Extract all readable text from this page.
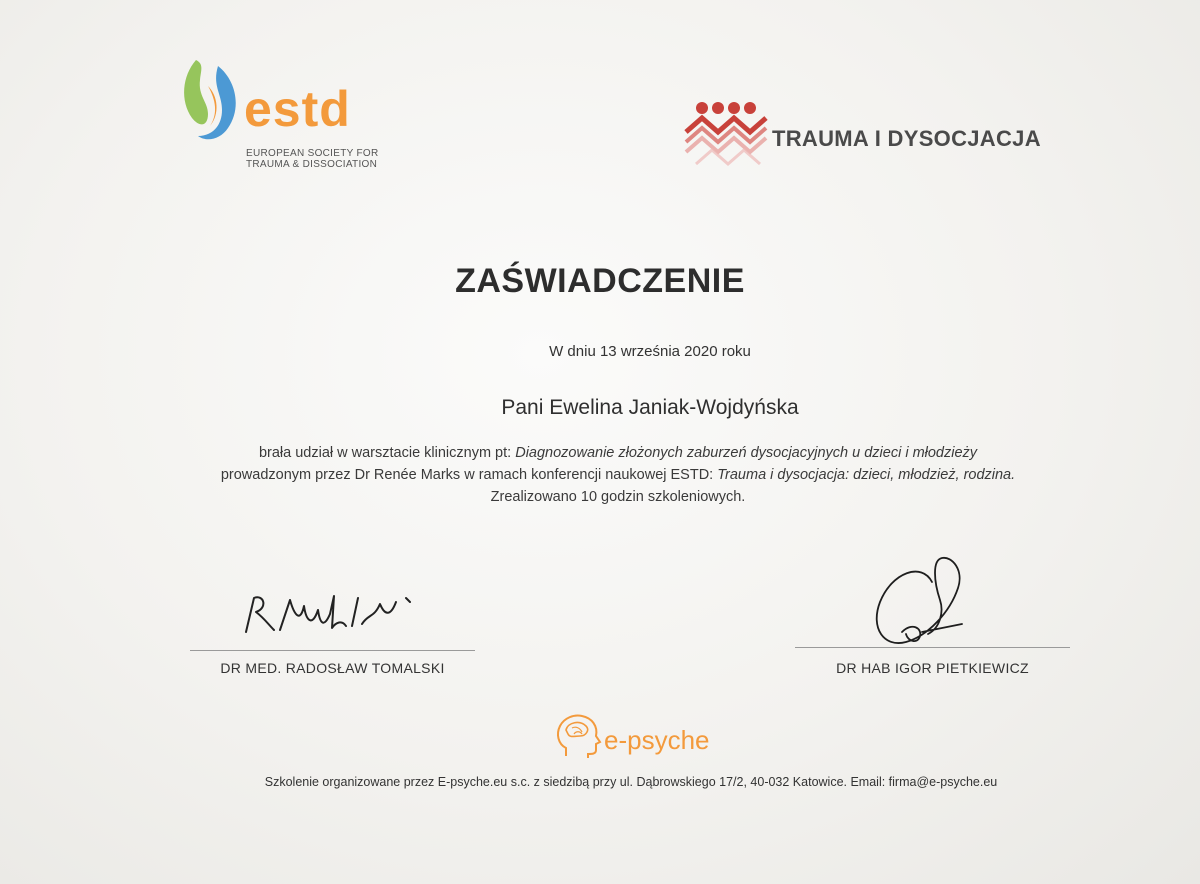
estd
EUROPEAN SOCIETY FOR
TRAUMA & DISSOCIATION
TRAUMA I DYSOCJACJA
ZAŚWIADCZENIE
W dniu 13 września 2020 roku
Pani Ewelina Janiak-Wojdyńska
brała udział w warsztacie klinicznym pt: Diagnozowanie złożonych zaburzeń dysocjacyjnych u dzieci i młodzieży
prowadzonym przez Dr Renée Marks w ramach konferencji naukowej ESTD: Trauma i dysocjacja: dzieci, młodzież, rodzina.
Zrealizowano 10 godzin szkoleniowych.
DR MED. RADOSŁAW TOMALSKI	DR HAB IGOR PIETKIEWICZ
e-psyche
Szkolenie organizowane przez E-psyche.eu s.c. z siedzibą przy ul. Dąbrowskiego 17/2, 40-032 Katowice. Email: firma@e-psyche.eu
